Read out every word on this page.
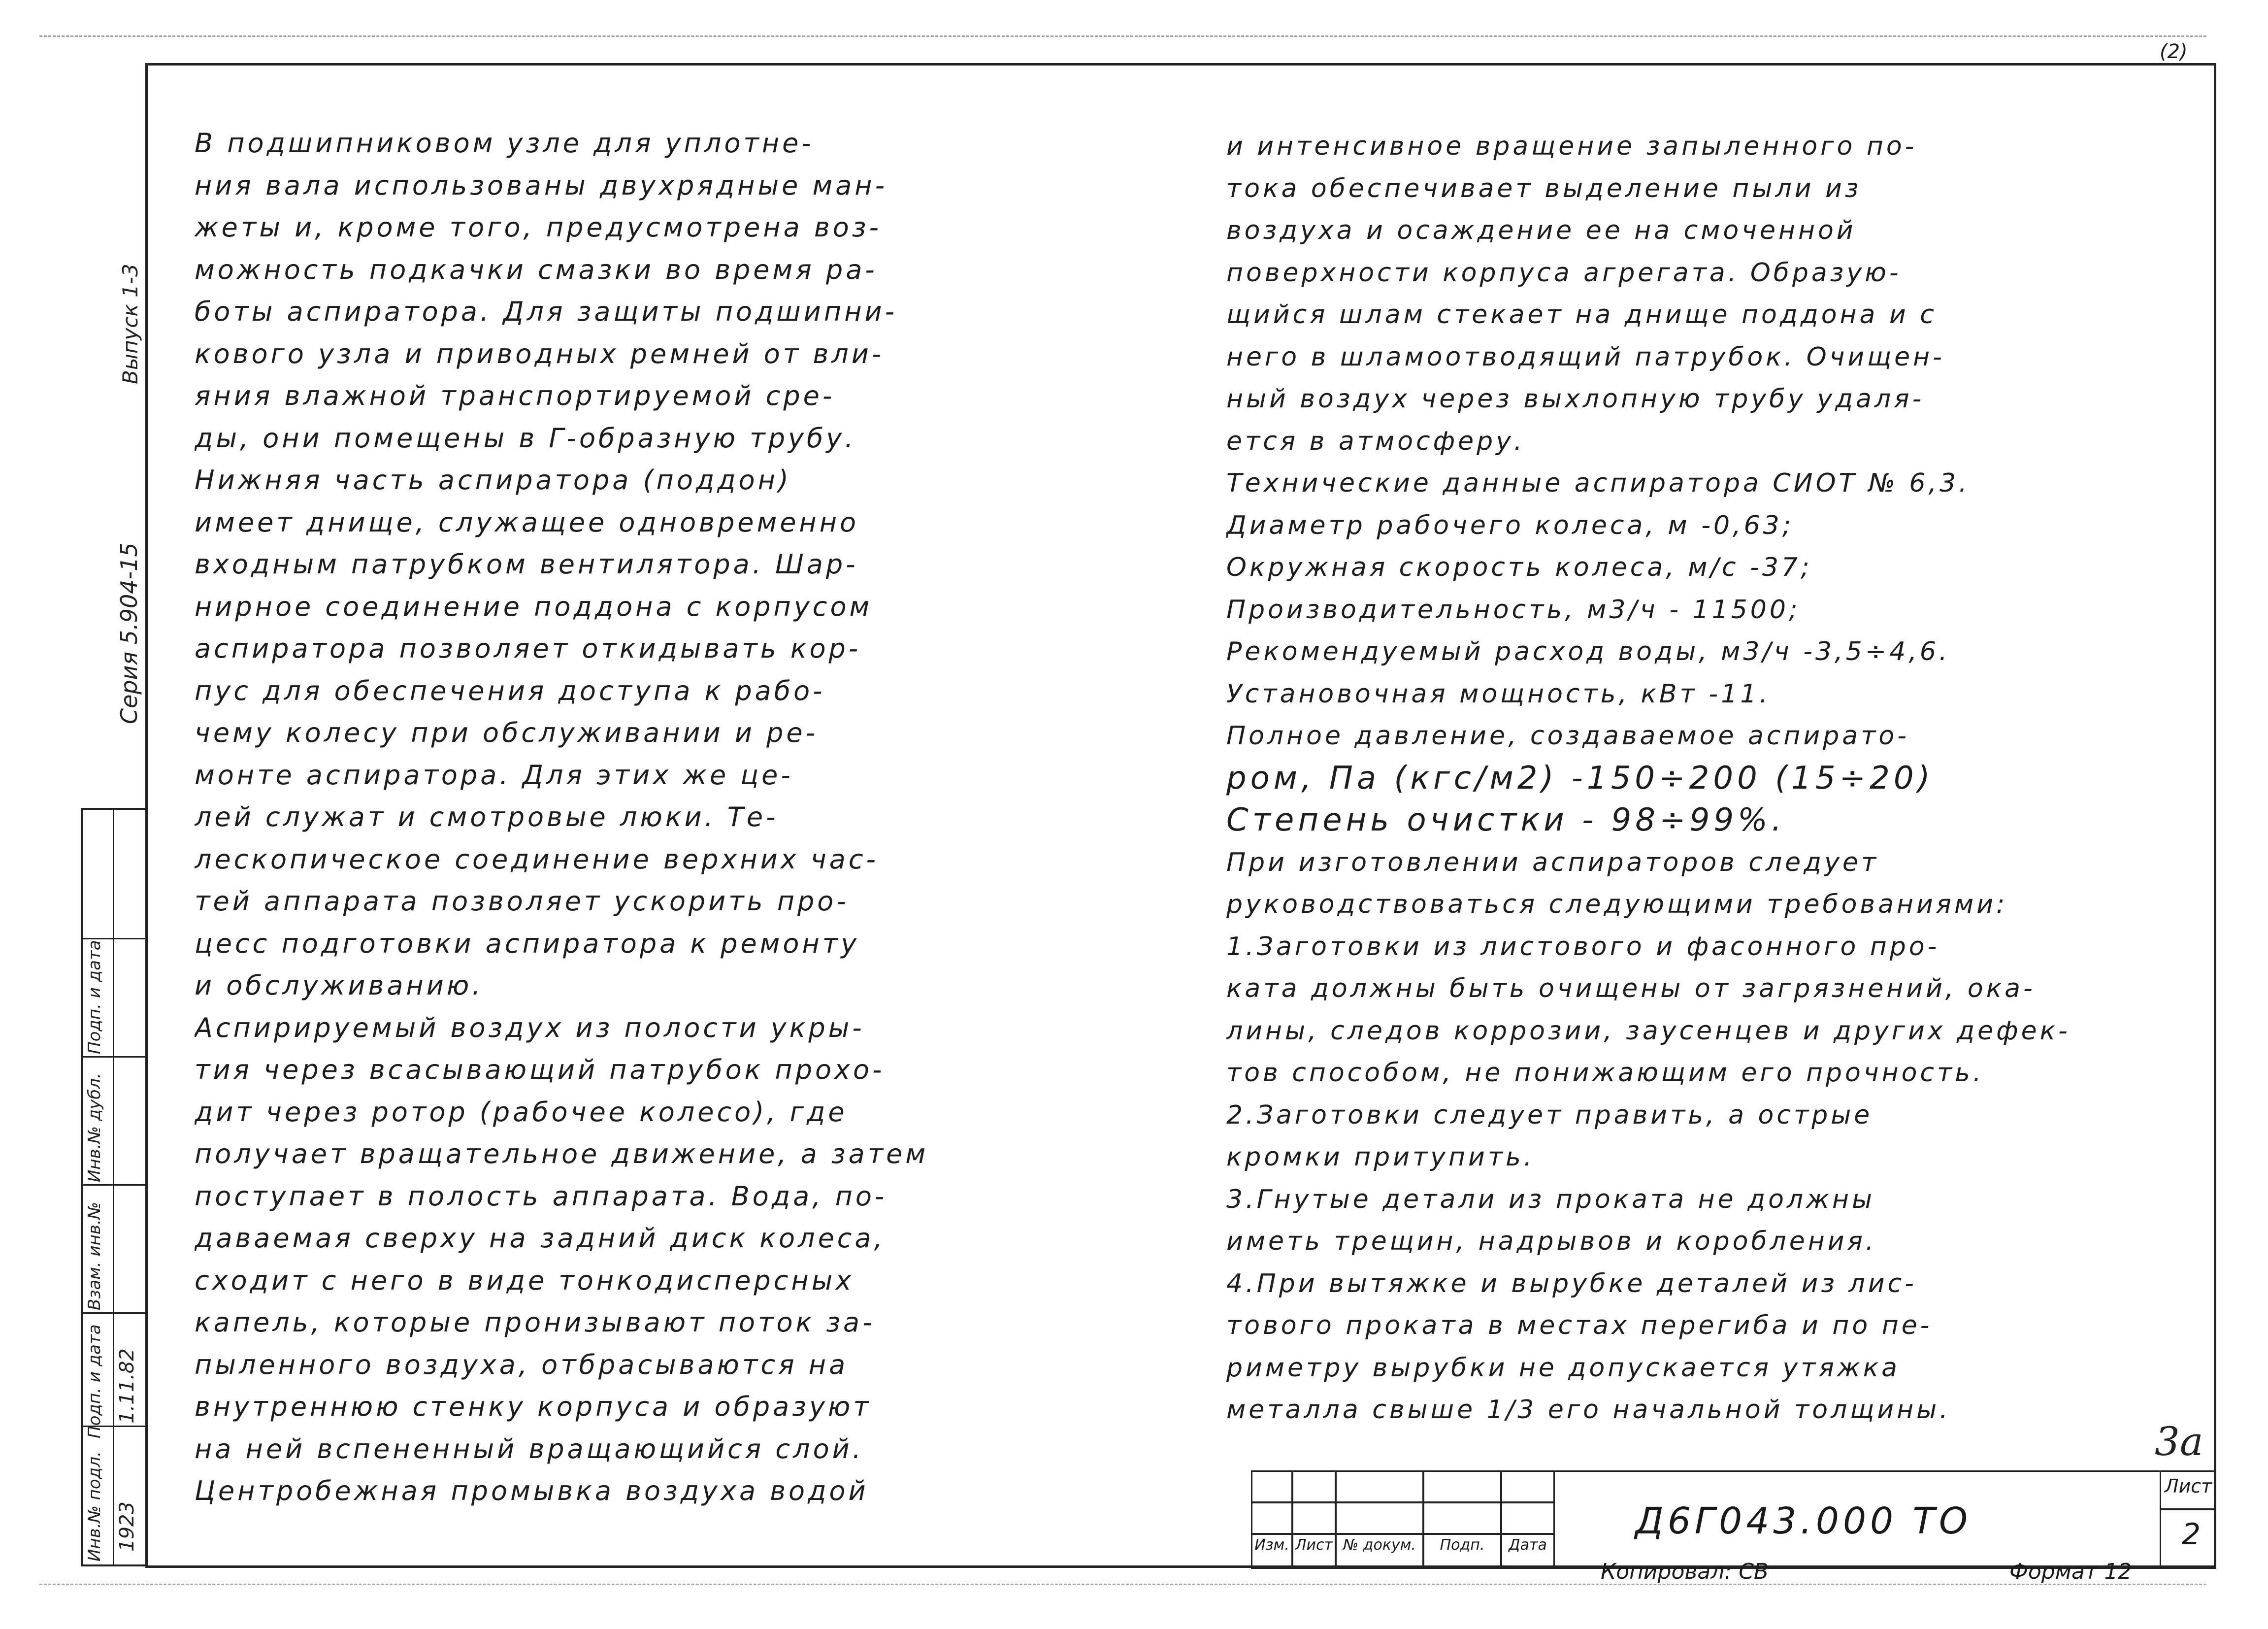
(2)
Выпуск 1-3
Серия 5.904-15
Инв.№ подл.
Подп. и дата
Взам. инв.№
Инв.№ дубл.
Подп. и дата
1923
1.11.82
В подшипниковом узле для уплотне-
ния вала использованы двухрядные ман-
жеты и, кроме того, предусмотрена воз-
можность подкачки смазки во время ра-
боты аспиратора. Для защиты подшипни-
кового узла и приводных ремней от вли-
яния влажной транспортируемой сре-
ды, они помещены в Г-образную трубу.
Нижняя часть аспиратора (поддон)
имеет днище, служащее одновременно
входным патрубком вентилятора. Шар-
нирное соединение поддона с корпусом
аспиратора позволяет откидывать кор-
пус для обеспечения доступа к рабо-
чему колесу при обслуживании и ре-
монте аспиратора. Для этих же це-
лей служат и смотровые люки. Те-
лескопическое соединение верхних час-
тей аппарата позволяет ускорить про-
цесс подготовки аспиратора к ремонту
и обслуживанию.
Аспирируемый воздух из полости укры-
тия через всасывающий патрубок прохо-
дит через ротор (рабочее колесо), где
получает вращательное движение, а затем
поступает в полость аппарата. Вода, по-
даваемая сверху на задний диск колеса,
сходит с него в виде тонкодисперсных
капель, которые пронизывают поток за-
пыленного воздуха, отбрасываются на
внутреннюю стенку корпуса и образуют
на ней вспененный вращающийся слой.
Центробежная промывка воздуха водой
и интенсивное вращение запыленного по-
тока обеспечивает выделение пыли из
воздуха и осаждение ее на смоченной
поверхности корпуса агрегата. Образую-
щийся шлам стекает на днище поддона и с
него в шламоотводящий патрубок. Очищен-
ный воздух через выхлопную трубу удаля-
ется в атмосферу.
Технические данные аспиратора СИОТ № 6,3.
Диаметр рабочего колеса, м -0,63;
Окружная скорость колеса, м/с -37;
Производительность, м3/ч - 11500;
Рекомендуемый расход воды, м3/ч -3,5÷4,6.
Установочная мощность, кВт -11.
Полное давление, создаваемое аспирато-
ром, Па (кгс/м2) -150÷200 (15÷20)
Степень очистки - 98÷99%.
При изготовлении аспираторов следует
руководствоваться следующими требованиями:
1.Заготовки из листового и фасонного про-
ката должны быть очищены от загрязнений, ока-
лины, следов коррозии, заусенцев и других дефек-
тов способом, не понижающим его прочность.
2.Заготовки следует править, а острые
кромки притупить.
3.Гнутые детали из проката не должны
иметь трещин, надрывов и коробления.
4.При вытяжке и вырубке деталей из лис-
тового проката в местах перегиба и по пе-
риметру вырубки не допускается утяжка
металла свыше 1/3 его начальной толщины.
3а
Изм. Лист № докум.	Подп.	Дата
Д6Г043.000 ТО
Лист
2
Копировал: СВ	Формат 12
